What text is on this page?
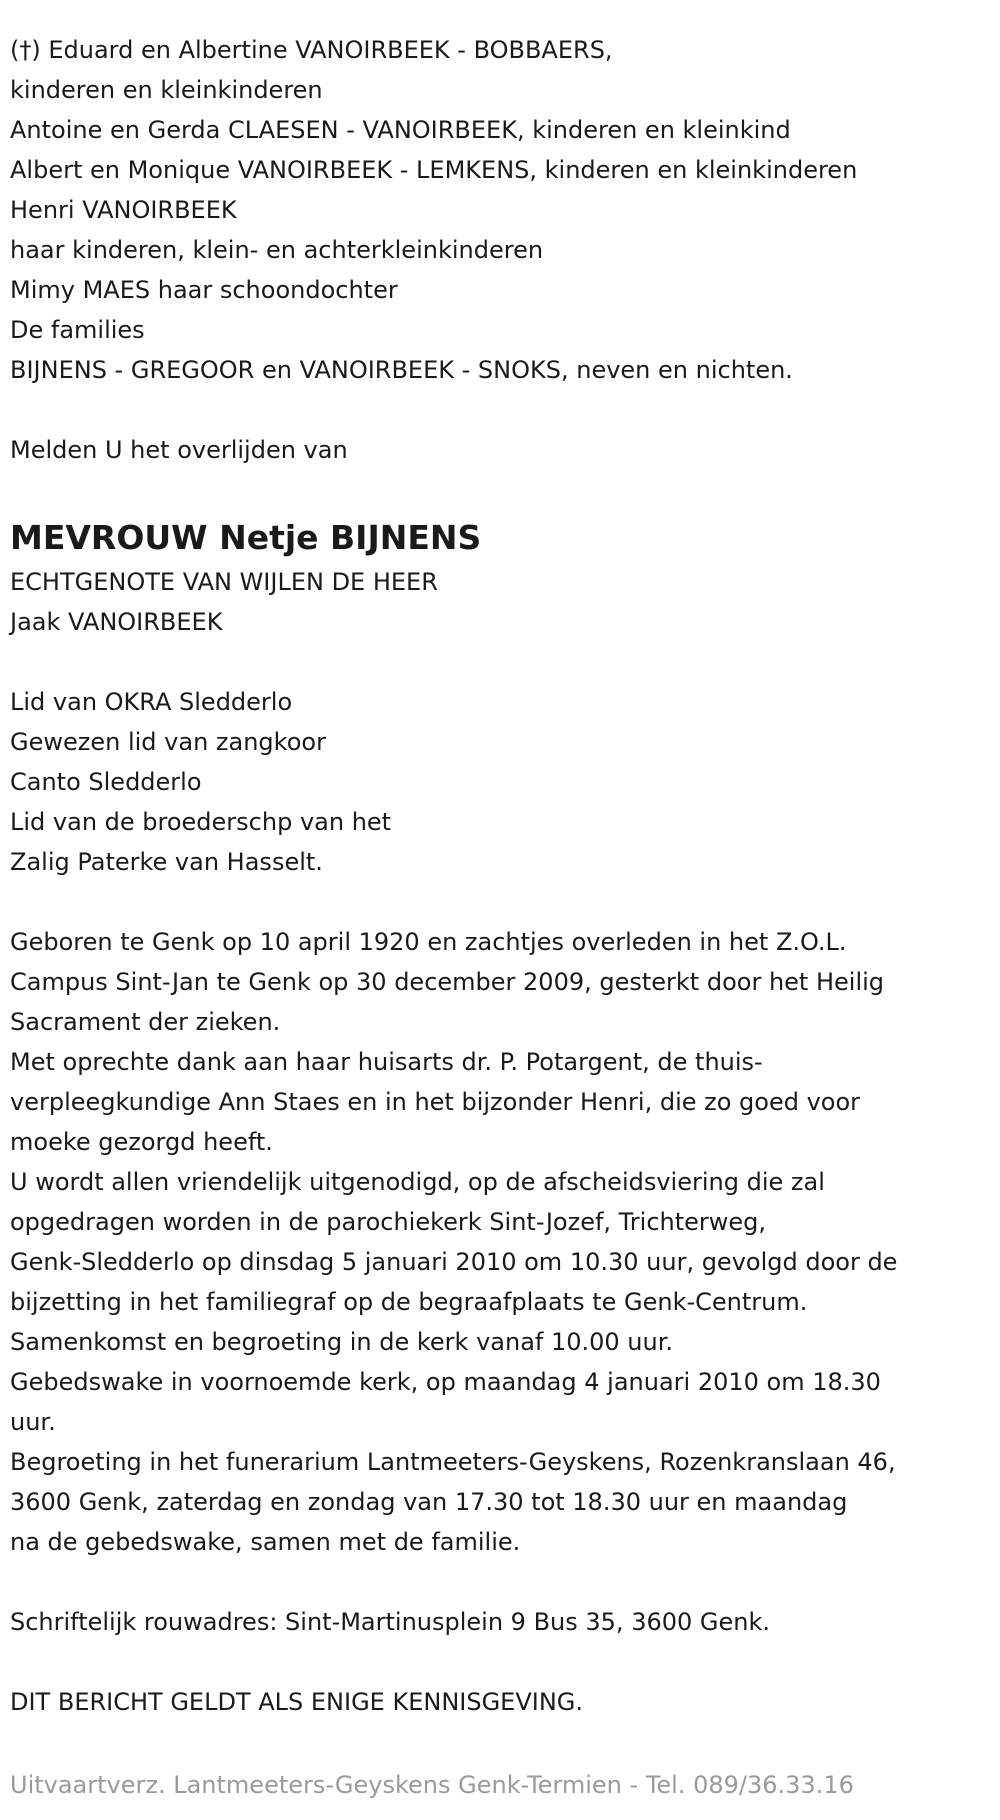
(†) Eduard en Albertine VANOIRBEEK - BOBBAERS,
kinderen en kleinkinderen
Antoine en Gerda CLAESEN - VANOIRBEEK, kinderen en kleinkind
Albert en Monique VANOIRBEEK - LEMKENS, kinderen en kleinkinderen
Henri VANOIRBEEK
haar kinderen, klein- en achterkleinkinderen
Mimy MAES haar schoondochter
De families
BIJNENS - GREGOOR en VANOIRBEEK - SNOKS, neven en nichten.
Melden U het overlijden van
MEVROUW Netje BIJNENS
ECHTGENOTE VAN WIJLEN DE HEER
Jaak VANOIRBEEK
Lid van OKRA Sledderlo
Gewezen lid van zangkoor
Canto Sledderlo
Lid van de broederschp van het
Zalig Paterke van Hasselt.
Geboren te Genk op 10 april 1920 en zachtjes overleden in het Z.O.L.
Campus Sint-Jan te Genk op 30 december 2009, gesterkt door het Heilig
Sacrament der zieken.
Met oprechte dank aan haar huisarts dr. P. Potargent, de thuis-
verpleegkundige Ann Staes en in het bijzonder Henri, die zo goed voor
moeke gezorgd heeft.
U wordt allen vriendelijk uitgenodigd, op de afscheidsviering die zal
opgedragen worden in de parochiekerk Sint-Jozef, Trichterweg,
Genk-Sledderlo op dinsdag 5 januari 2010 om 10.30 uur, gevolgd door de
bijzetting in het familiegraf op de begraafplaats te Genk-Centrum.
Samenkomst en begroeting in de kerk vanaf 10.00 uur.
Gebedswake in voornoemde kerk, op maandag 4 januari 2010 om 18.30
uur.
Begroeting in het funerarium Lantmeeters-Geyskens, Rozenkranslaan 46,
3600 Genk, zaterdag en zondag van 17.30 tot 18.30 uur en maandag
na de gebedswake, samen met de familie.
Schriftelijk rouwadres: Sint-Martinusplein 9 Bus 35, 3600 Genk.
DIT BERICHT GELDT ALS ENIGE KENNISGEVING.
Uitvaartverz. Lantmeeters-Geyskens Genk-Termien - Tel. 089/36.33.16
